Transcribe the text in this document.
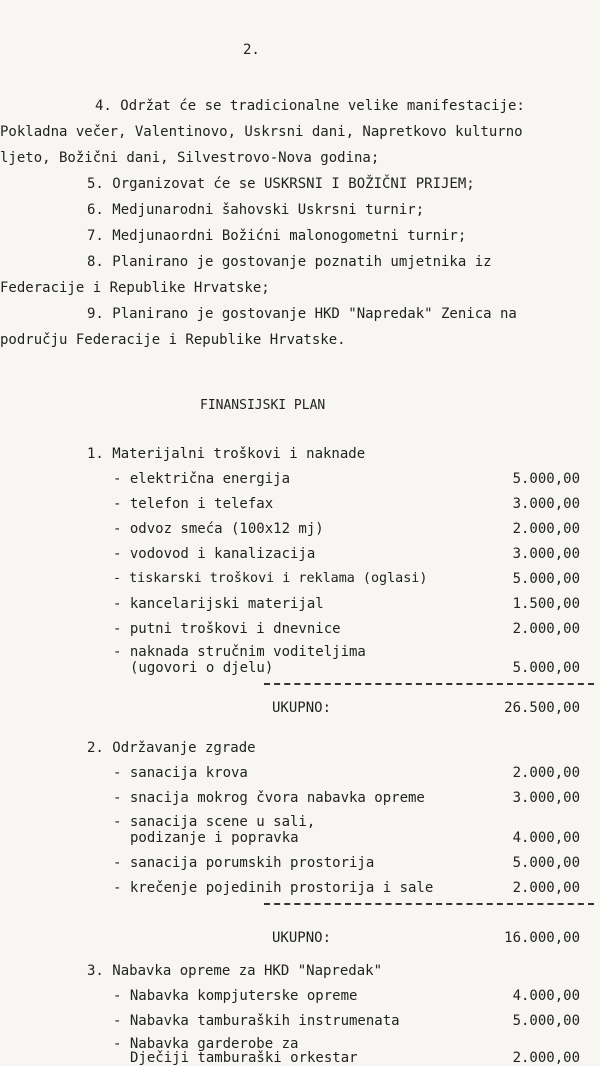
2.
4. Održat će se tradicionalne velike manifestacije:
Pokladna večer, Valentinovo, Uskrsni dani, Napretkovo kulturno
ljeto, Božični dani, Silvestrovo-Nova godina;
5. Organizovat će se USKRSNI I BOŽIČNI PRIJEM;
6. Medjunarodni šahovski Uskrsni turnir;
7. Medjunaordni Božićni malonogometni turnir;
8. Planirano je gostovanje poznatih umjetnika iz
Federacije i Republike Hrvatske;
9. Planirano je gostovanje HKD "Napredak" Zenica na
području Federacije i Republike Hrvatske.
FINANSIJSKI PLAN
1. Materijalni troškovi i naknade
- električna energija	5.000,00
- telefon i telefax	3.000,00
- odvoz smeća (100x12 mj)	2.000,00
- vodovod i kanalizacija	3.000,00
- tiskarski troškovi i reklama (oglasi)	5.000,00
- kancelarijski materijal	1.500,00
- putni troškovi i dnevnice	2.000,00
- naknada stručnim voditeljima
(ugovori o djelu)	5.000,00
UKUPNO:	26.500,00
2. Održavanje zgrade
- sanacija krova	2.000,00
- snacija mokrog čvora nabavka opreme	3.000,00
- sanacija scene u sali,
podizanje i popravka	4.000,00
- sanacija porumskih prostorija	5.000,00
- krečenje pojedinih prostorija i sale	2.000,00
UKUPNO:	16.000,00
3. Nabavka opreme za HKD "Napredak"
- Nabavka kompjuterske opreme	4.000,00
- Nabavka tamburaških instrumenata	5.000,00
- Nabavka garderobe za
Dječiji tamburaški orkestar	2.000,00
